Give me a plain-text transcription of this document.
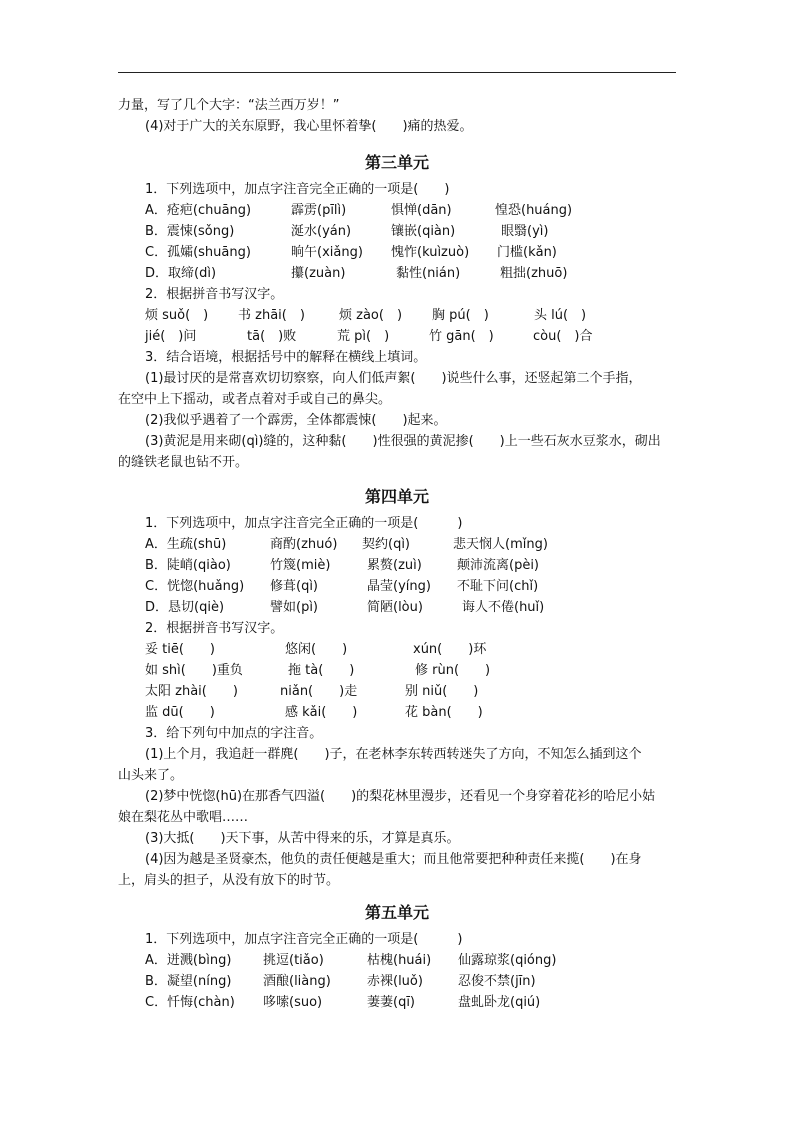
力量，写了几个大字：“法兰西万岁！”
(4)对于广大的关东原野，我心里怀着挚(　　)痛的热爱。
第三单元
1．下列选项中，加点字注音完全正确的一项是(　　)
A．疮疤(chuāng)	霹雳(pīlì)	惧惮(dān)	惶恐(huáng)
B．震悚(sǒng)	涎水(yán)	镶嵌(qiàn)	眼翳(yì)
C．孤孀(shuāng)	晌午(xiǎng) 愧怍(kuìzuò) 门槛(kǎn)
D．取缔(dì)	攥(zuàn)	黏性(nián)	粗拙(zhuō)
2．根据拼音书写汉字。
烦 suǒ(　) 书 zhāi(　)	烦 zào(　) 胸 pú(　)	头 lú(　)
jié(　)问	tā(　)败	荒 pì(　)	竹 gān(　)	còu(　)合
3．结合语境，根据括号中的解释在横线上填词。
(1)最讨厌的是常喜欢切切察察，向人们低声絮(　　)说些什么事，还竖起第二个手指，
在空中上下摇动，或者点着对手或自己的鼻尖。
(2)我似乎遇着了一个霹雳，全体都震悚(　　)起来。
(3)黄泥是用来砌(qì)缝的，这种黏(　　)性很强的黄泥掺(　　)上一些石灰水豆浆水，砌出
的缝铁老鼠也钻不开。
第四单元
1．下列选项中，加点字注音完全正确的一项是(　　　)
A．生疏(shū)	商酌(zhuó) 契约(qì)	悲天悯人(mǐng)
B．陡峭(qiào)	竹篾(miè)	累赘(zuì)	颠沛流离(pèi)
C．恍惚(huǎng) 修葺(qì)	晶莹(yíng) 不耻下问(chǐ)
D．恳切(qiè)	譬如(pì)	简陋(lòu)	诲人不倦(huǐ)
2．根据拼音书写汉字。
妥 tiē(　　)	悠闲(　　)	xún(　　)环
如 shì(　　)重负	拖 tà(　　)	修 rùn(　　)
太阳 zhài(　　)	niǎn(　　)走	别 niǔ(　　)
监 dū(　　)	感 kǎi(　　)	花 bàn(　　)
3．给下列句中加点的字注音。
(1)上个月，我追赶一群麂(　　)子，在老林李东转西转迷失了方向，不知怎么插到这个
山头来了。
(2)梦中恍惚(hū)在那香气四溢(　　)的梨花林里漫步，还看见一个身穿着花衫的哈尼小姑
娘在梨花丛中歌唱……
(3)大抵(　　)天下事，从苦中得来的乐，才算是真乐。
(4)因为越是圣贤豪杰，他负的责任便越是重大；而且他常要把种种责任来揽(　　)在身
上，肩头的担子，从没有放下的时节。
第五单元
1．下列选项中，加点字注音完全正确的一项是(　　　)
A．迸溅(bìng) 挑逗(tiǎo)	枯槐(huái) 仙露琼浆(qióng)
B．凝望(níng) 酒酿(liàng)	赤裸(luǒ)	忍俊不禁(jīn)
C．忏悔(chàn) 哆嗦(suo)	萋萋(qī)	盘虬卧龙(qiú)
